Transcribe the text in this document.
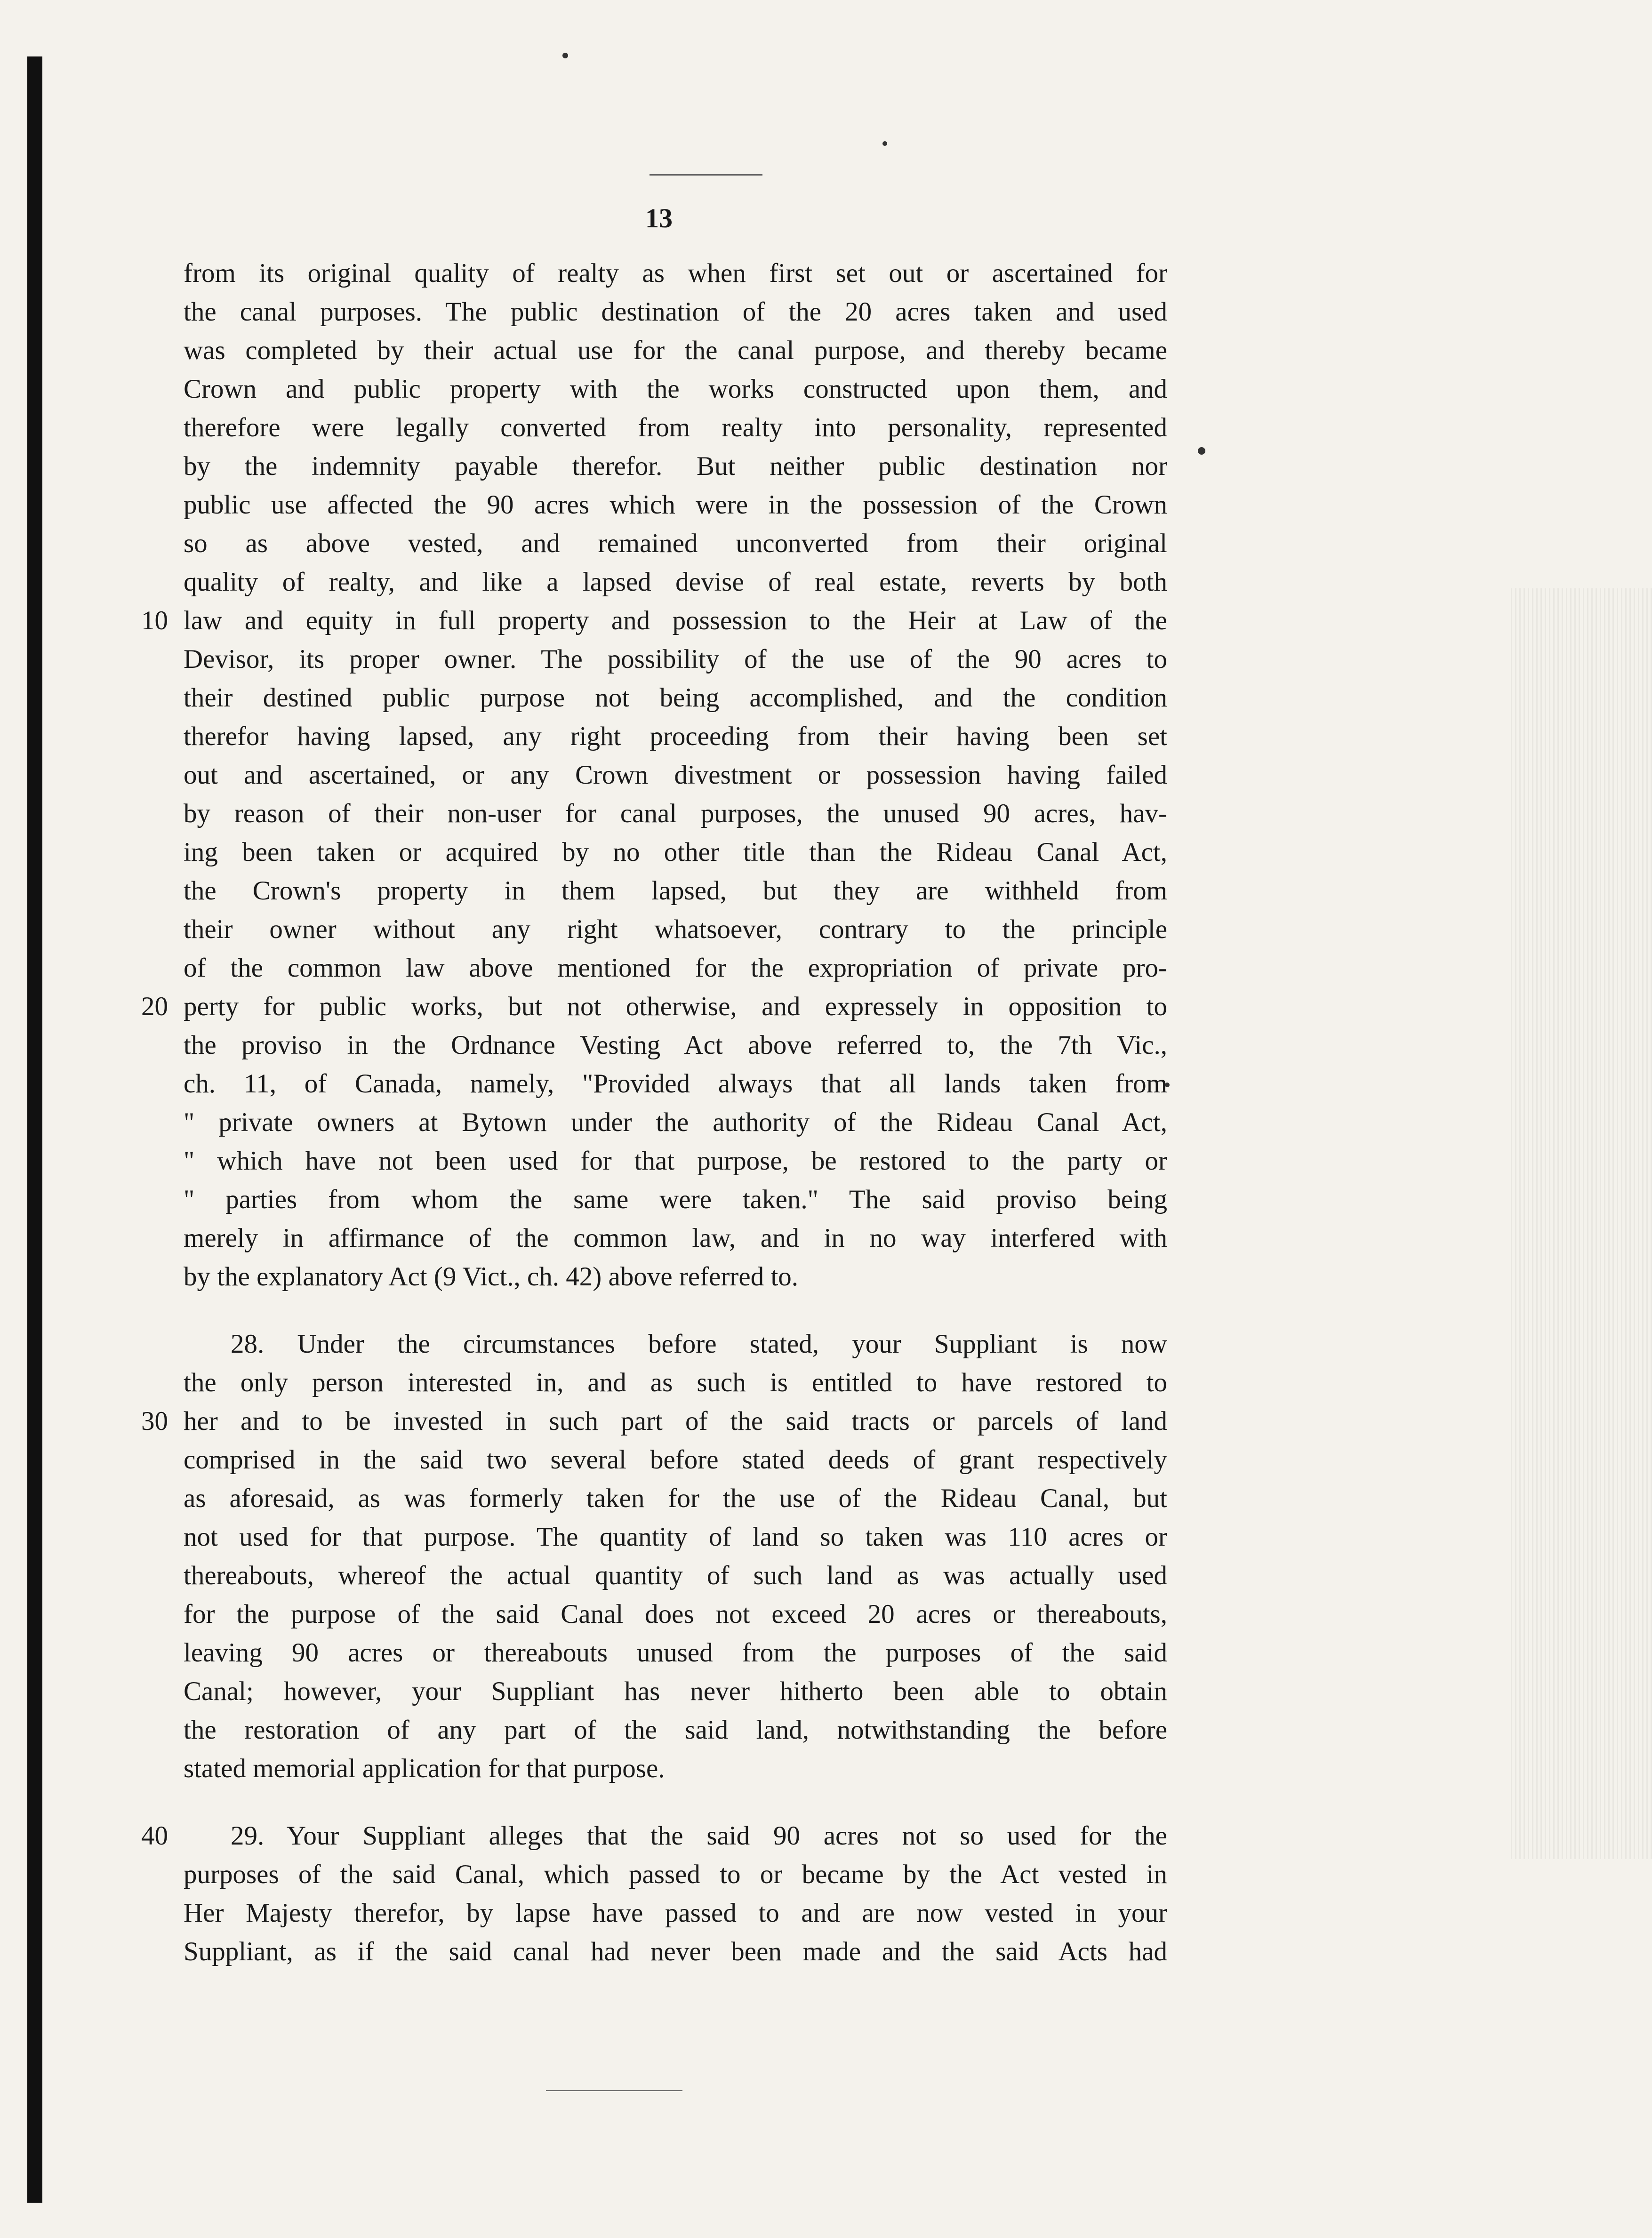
13

from its original quality of realty as when first set out or ascertained for

the canal purposes. The public destination of the 20 acres taken and used

was completed by their actual use for the canal purpose, and thereby became

Crown and public property with the works constructed upon them, and

therefore were legally converted from realty into personality, represented

by the indemnity payable therefor. But neither public destination nor

public use affected the 90 acres which were in the possession of the Crown

so as above vested, and remained unconverted from their original

quality of realty, and like a lapsed devise of real estate, reverts by both

10 law and equity in full property and possession to the Heir at Law of the

Devisor, its proper owner. The possibility of the use of the 90 acres to

their destined public purpose not being accomplished, and the condition

therefor having lapsed, any right proceeding from their having been set

out and ascertained, or any Crown divestment or possession having failed

by reason of their non-user for canal purposes, the unused 90 acres, hav-

ing been taken or acquired by no other title than the Rideau Canal Act,

the Crown's property in them lapsed, but they are withheld from

their owner without any right whatsoever, contrary to the principle

of the common law above mentioned for the expropriation of private pro-

20 perty for public works, but not otherwise, and expressely in opposition to

the proviso in the Ordnance Vesting Act above referred to, the 7th Vic.,

ch. 11, of Canada, namely, "Provided always that all lands taken from

" private owners at Bytown under the authority of the Rideau Canal Act,

" which have not been used for that purpose, be restored to the party or

" parties from whom the same were taken." The said proviso being

merely in affirmance of the common law, and in no way interfered with

by the explanatory Act (9 Vict., ch. 42) above referred to.

28. Under the circumstances before stated, your Suppliant is now

the only person interested in, and as such is entitled to have restored to

30 her and to be invested in such part of the said tracts or parcels of land

comprised in the said two several before stated deeds of grant respectively

as aforesaid, as was formerly taken for the use of the Rideau Canal, but

not used for that purpose. The quantity of land so taken was 110 acres or

thereabouts, whereof the actual quantity of such land as was actually used

for the purpose of the said Canal does not exceed 20 acres or thereabouts,

leaving 90 acres or thereabouts unused from the purposes of the said

Canal; however, your Suppliant has never hitherto been able to obtain

the restoration of any part of the said land, notwithstanding the before

stated memorial application for that purpose.

40	29. Your Suppliant alleges that the said 90 acres not so used for the

purposes of the said Canal, which passed to or became by the Act vested in

Her Majesty therefor, by lapse have passed to and are now vested in your

Suppliant, as if the said canal had never been made and the said Acts had
